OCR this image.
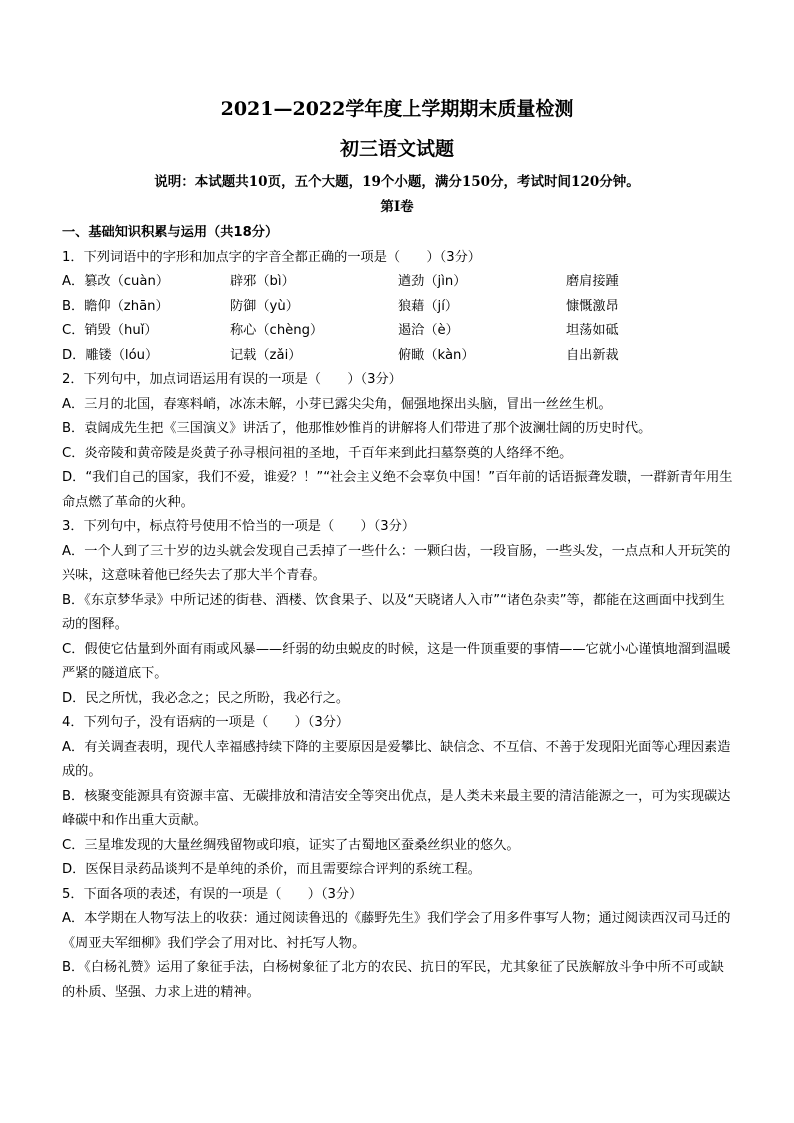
2021—2022学年度上学期期末质量检测
初三语文试题
说明：本试题共10页，五个大题，19个小题，满分150分，考试时间120分钟。
第Ⅰ卷
一、基础知识积累与运用（共18分）
1．下列词语中的字形和加点字的字音全都正确的一项是（　　）（3分）
A．篡改（cuàn）	辟邪（bì）	遒劲（jìn）	磨肩接踵
B．瞻仰（zhān）	防御（yù）	狼藉（jí）	慷慨激昂
C．销毁（huǐ）	称心（chèng）	遏洽（è）	坦荡如砥
D．雕镂（lóu）	记载（zǎi）	俯瞰（kàn）	自出新裁
2．下列句中，加点词语运用有误的一项是（　　）（3分）
A．三月的北国，春寒料峭，冰冻未解，小芽已露尖尖角，倔强地探出头脑，冒出一丝丝生机。
B．袁阔成先生把《三国演义》讲活了，他那惟妙惟肖的讲解将人们带进了那个波澜壮阔的历史时代。
C．炎帝陵和黄帝陵是炎黄子孙寻根问祖的圣地，千百年来到此扫墓祭奠的人络绎不绝。
D．“我们自己的国家，我们不爱，谁爱？！”“社会主义绝不会辜负中国！”百年前的话语振聋发聩，一群新青年用生命点燃了革命的火种。
3．下列句中，标点符号使用不恰当的一项是（　　）（3分）
A．一个人到了三十岁的边头就会发现自己丢掉了一些什么：一颗臼齿，一段盲肠，一些头发，一点点和人开玩笑的兴味，这意味着他已经失去了那大半个青春。
B．《东京梦华录》中所记述的街巷、酒楼、饮食果子、以及“天晓诸人入市”“诸色杂卖”等，都能在这画面中找到生动的图释。
C．假使它估量到外面有雨或风暴——纤弱的幼虫蜕皮的时候，这是一件顶重要的事情——它就小心谨慎地溜到温暖严紧的隧道底下。
D．民之所忧，我必念之；民之所盼，我必行之。
4．下列句子，没有语病的一项是（　　）（3分）
A．有关调查表明，现代人幸福感持续下降的主要原因是爱攀比、缺信念、不互信、不善于发现阳光面等心理因素造成的。
B．核聚变能源具有资源丰富、无碳排放和清洁安全等突出优点，是人类未来最主要的清洁能源之一，可为实现碳达峰碳中和作出重大贡献。
C．三星堆发现的大量丝绸残留物或印痕，证实了古蜀地区蚕桑丝织业的悠久。
D．医保目录药品谈判不是单纯的杀价，而且需要综合评判的系统工程。
5．下面各项的表述，有误的一项是（　　）（3分）
A．本学期在人物写法上的收获：通过阅读鲁迅的《藤野先生》我们学会了用多件事写人物；通过阅读西汉司马迁的《周亚夫军细柳》我们学会了用对比、衬托写人物。
B．《白杨礼赞》运用了象征手法，白杨树象征了北方的农民、抗日的军民，尤其象征了民族解放斗争中所不可或缺的朴质、坚强、力求上进的精神。
